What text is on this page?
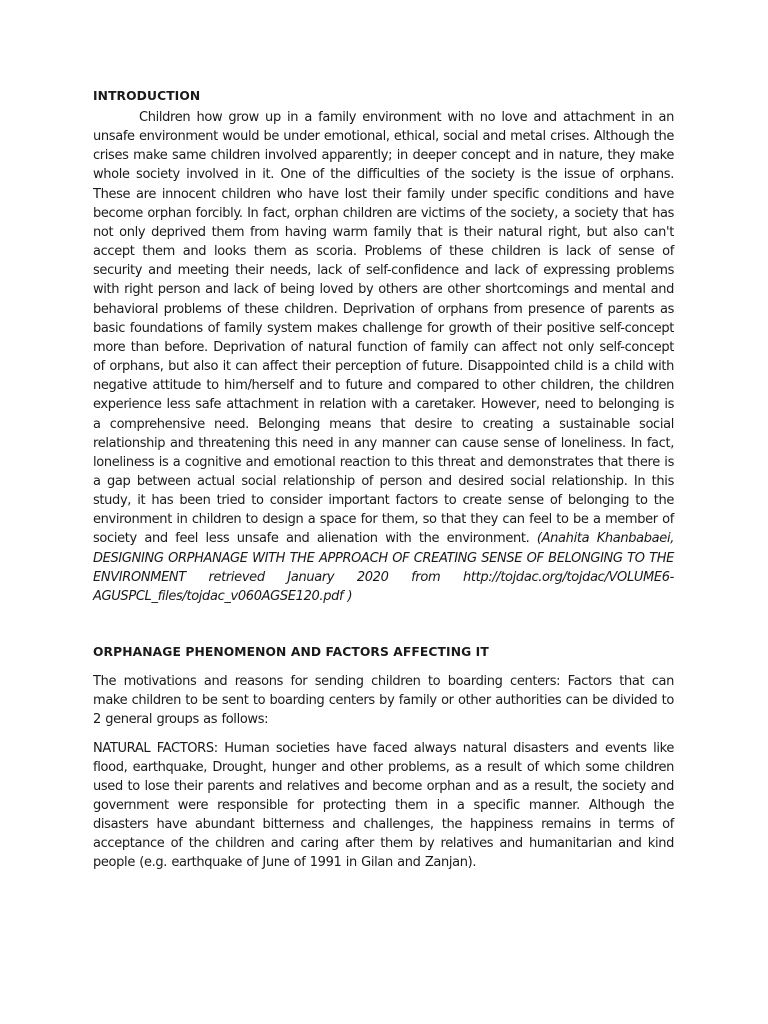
INTRODUCTION

Children how grow up in a family environment with no love and attachment in an unsafe environment would be under emotional, ethical, social and metal crises. Although the crises make same children involved apparently; in deeper concept and in nature, they make whole society involved in it. One of the difficulties of the society is the issue of orphans. These are innocent children who have lost their family under specific conditions and have become orphan forcibly. In fact, orphan children are victims of the society, a society that has not only deprived them from having warm family that is their natural right, but also can't accept them and looks them as scoria. Problems of these children is lack of sense of security and meeting their needs, lack of self-confidence and lack of expressing problems with right person and lack of being loved by others are other shortcomings and mental and behavioral problems of these children. Deprivation of orphans from presence of parents as basic foundations of family system makes challenge for growth of their positive self-concept more than before. Deprivation of natural function of family can affect not only self-concept of orphans, but also it can affect their perception of future. Disappointed child is a child with negative attitude to him/herself and to future and compared to other children, the children experience less safe attachment in relation with a caretaker. However, need to belonging is a comprehensive need. Belonging means that desire to creating a sustainable social relationship and threatening this need in any manner can cause sense of loneliness. In fact, loneliness is a cognitive and emotional reaction to this threat and demonstrates that there is a gap between actual social relationship of person and desired social relationship. In this study, it has been tried to consider important factors to create sense of belonging to the environment in children to design a space for them, so that they can feel to be a member of society and feel less unsafe and alienation with the environment. (Anahita Khanbabaei, DESIGNING ORPHANAGE WITH THE APPROACH OF CREATING SENSE OF BELONGING TO THE ENVIRONMENT retrieved January 2020 from http://tojdac.org/tojdac/VOLUME6-AGUSPCL_files/tojdac_v060AGSE120.pdf )

ORPHANAGE PHENOMENON AND FACTORS AFFECTING IT

The motivations and reasons for sending children to boarding centers: Factors that can make children to be sent to boarding centers by family or other authorities can be divided to 2 general groups as follows:

NATURAL FACTORS: Human societies have faced always natural disasters and events like flood, earthquake, Drought, hunger and other problems, as a result of which some children used to lose their parents and relatives and become orphan and as a result, the society and government were responsible for protecting them in a specific manner. Although the disasters have abundant bitterness and challenges, the happiness remains in terms of acceptance of the children and caring after them by relatives and humanitarian and kind people (e.g. earthquake of June of 1991 in Gilan and Zanjan).
